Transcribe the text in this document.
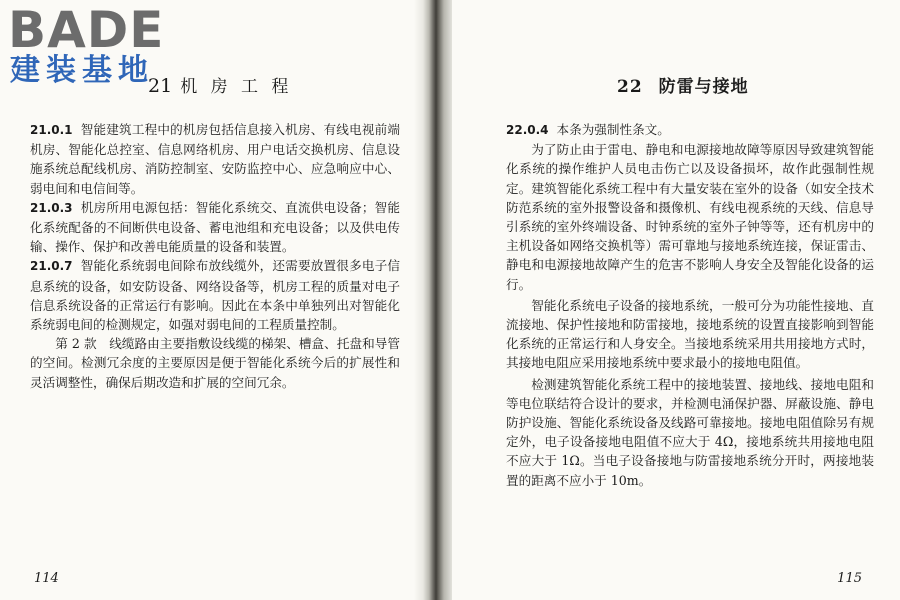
BADE
建装基地
21 机 房 工 程

21.0.1 智能建筑工程中的机房包括信息接入机房、有线电视前端机房、智能化总控室、信息网络机房、用户电话交换机房、信息设施系统总配线机房、消防控制室、安防监控中心、应急响应中心、弱电间和电信间等。

21.0.3 机房所用电源包括：智能化系统交、直流供电设备；智能化系统配备的不间断供电设备、蓄电池组和充电设备；以及供电传输、操作、保护和改善电能质量的设备和装置。

21.0.7 智能化系统弱电间除布放线缆外，还需要放置很多电子信息系统的设备，如安防设备、网络设备等，机房工程的质量对电子信息系统设备的正常运行有影响。因此在本条中单独列出对智能化系统弱电间的检测规定，如强对弱电间的工程质量控制。

第 2 款　线缆路由主要指敷设线缆的梯架、槽盒、托盘和导管的空间。检测冗余度的主要原因是便于智能化系统今后的扩展性和灵活调整性，确保后期改造和扩展的空间冗余。

114
22 防雷与接地

22.0.4 本条为强制性条文。

为了防止由于雷电、静电和电源接地故障等原因导致建筑智能化系统的操作维护人员电击伤亡以及设备损坏，故作此强制性规定。建筑智能化系统工程中有大量安装在室外的设备（如安全技术防范系统的室外报警设备和摄像机、有线电视系统的天线、信息导引系统的室外终端设备、时钟系统的室外子钟等等，还有机房中的主机设备如网络交换机等）需可靠地与接地系统连接，保证雷击、静电和电源接地故障产生的危害不影响人身安全及智能化设备的运行。

智能化系统电子设备的接地系统，一般可分为功能性接地、直流接地、保护性接地和防雷接地，接地系统的设置直接影响到智能化系统的正常运行和人身安全。当接地系统采用共用接地方式时，其接地电阻应采用接地系统中要求最小的接地电阻值。

检测建筑智能化系统工程中的接地装置、接地线、接地电阻和等电位联结符合设计的要求，并检测电涌保护器、屏蔽设施、静电防护设施、智能化系统设备及线路可靠接地。接地电阻值除另有规定外，电子设备接地电阻值不应大于 4Ω，接地系统共用接地电阻不应大于 1Ω。当电子设备接地与防雷接地系统分开时，两接地装置的距离不应小于 10m。

115
